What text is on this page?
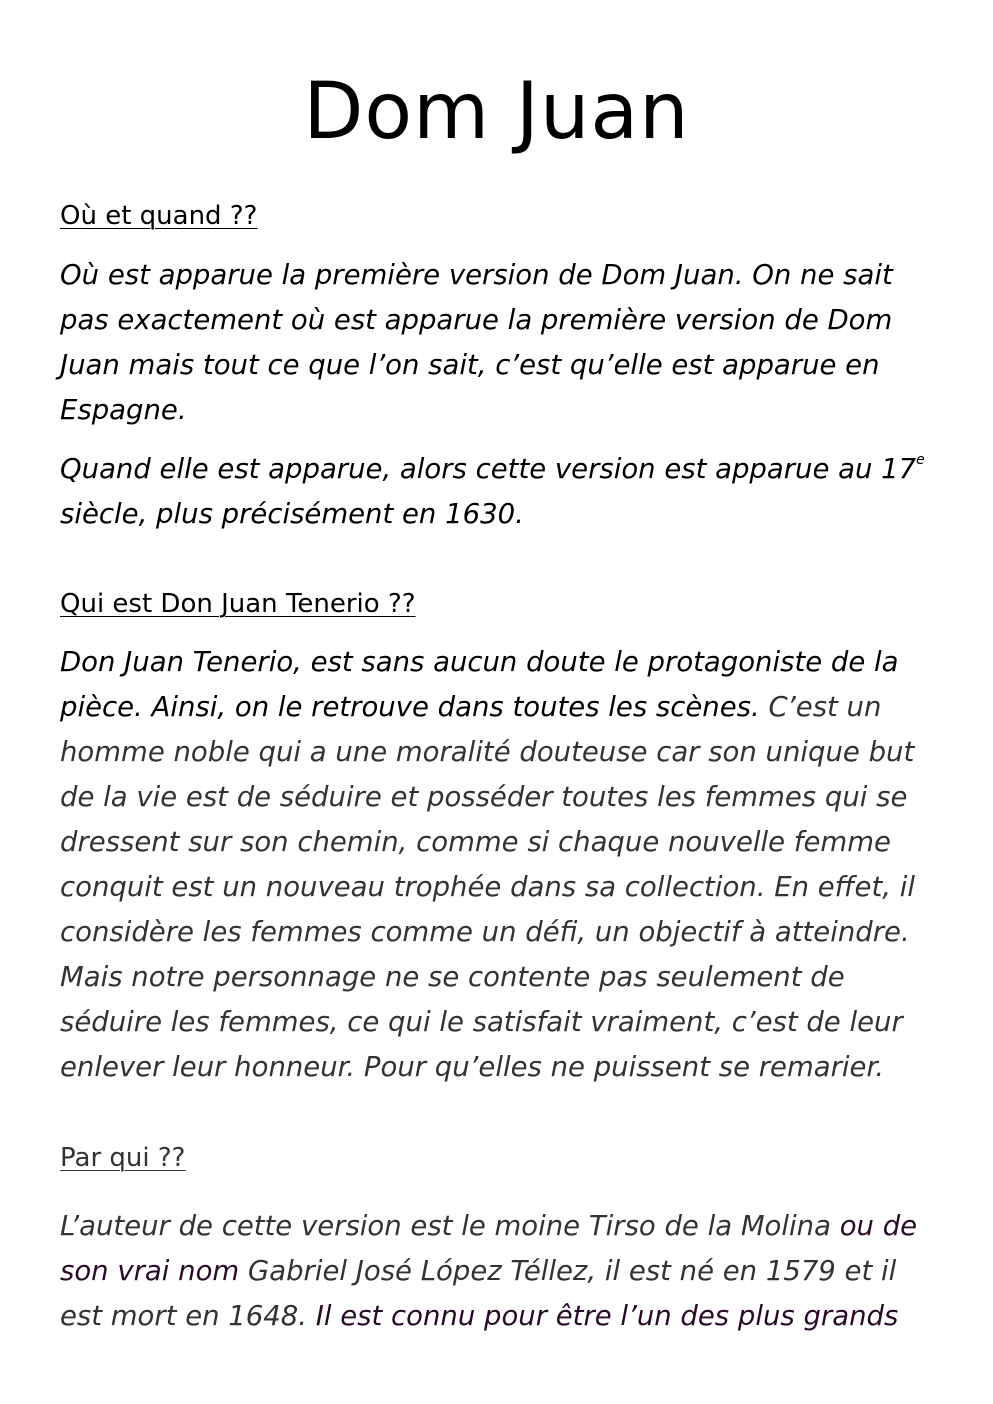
Dom Juan
Où et quand ??
Où est apparue la première version de Dom Juan. On ne sait
pas exactement où est apparue la première version de Dom
Juan mais tout ce que l’on sait, c’est qu’elle est apparue en
Espagne.
Quand elle est apparue, alors cette version est apparue au 17e
siècle, plus précisément en 1630.
Qui est Don Juan Tenerio ??
Don Juan Tenerio, est sans aucun doute le protagoniste de la
pièce. Ainsi, on le retrouve dans toutes les scènes. C’est un
homme noble qui a une moralité douteuse car son unique but
de la vie est de séduire et posséder toutes les femmes qui se
dressent sur son chemin, comme si chaque nouvelle femme
conquit est un nouveau trophée dans sa collection. En effet, il
considère les femmes comme un défi, un objectif à atteindre.
Mais notre personnage ne se contente pas seulement de
séduire les femmes, ce qui le satisfait vraiment, c’est de leur
enlever leur honneur. Pour qu’elles ne puissent se remarier.
Par qui ??
L’auteur de cette version est le moine Tirso de la Molina ou de
son vrai nom Gabriel José López Téllez, il est né en 1579 et il
est mort en 1648. Il est connu pour être l’un des plus grands
